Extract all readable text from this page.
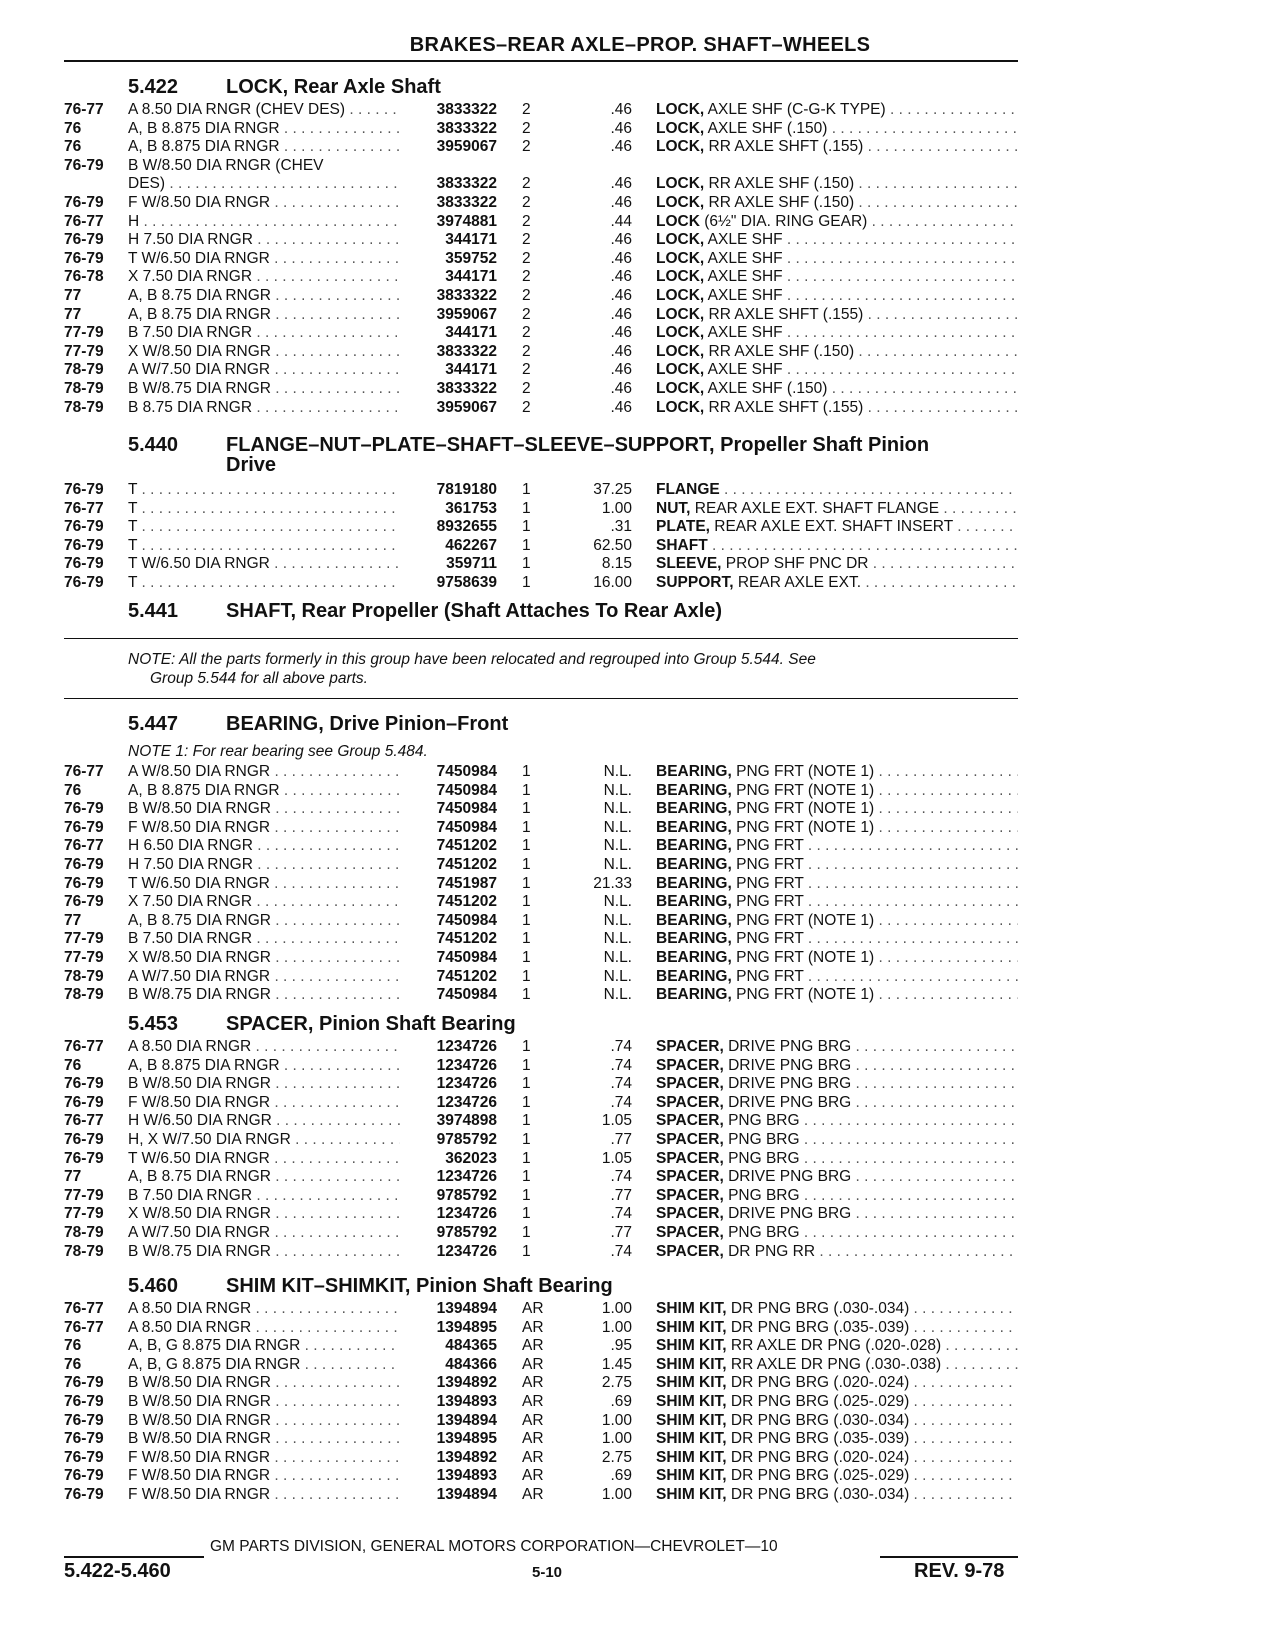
BRAKES–REAR AXLE–PROP. SHAFT–WHEELS
5.422 LOCK, Rear Axle Shaft
76-77 A 8.50 DIA RNGR (CHEV DES) . . .	3833322 2	.46 LOCK, AXLE SHF (C-G-K TYPE) . . .
76	A, B 8.875 DIA RNGR . . .	3833322 2	.46 LOCK, AXLE SHF (.150) . . .
76	A, B 8.875 DIA RNGR . . .	3959067 2	.46 LOCK, RR AXLE SHFT (.155) . . .
76-79 B W/8.50 DIA RNGR (CHEV
DES) . . .	3833322 2	.46 LOCK, RR AXLE SHF (.150) . . .
76-79 F W/8.50 DIA RNGR . . .	3833322 2	.46 LOCK, RR AXLE SHF (.150) . . .
76-77 H . . .	3974881 2	.44 LOCK (6½" DIA. RING GEAR) . . .
76-79 H 7.50 DIA RNGR . . .	344171 2	.46 LOCK, AXLE SHF . . .
76-79 T W/6.50 DIA RNGR . . .	359752 2	.46 LOCK, AXLE SHF . . .
76-78 X 7.50 DIA RNGR . . .	344171 2	.46 LOCK, AXLE SHF . . .
77	A, B 8.75 DIA RNGR . . .	3833322 2	.46 LOCK, AXLE SHF . . .
77	A, B 8.75 DIA RNGR . . .	3959067 2	.46 LOCK, RR AXLE SHFT (.155) . . .
77-79 B 7.50 DIA RNGR . . .	344171 2	.46 LOCK, AXLE SHF . . .
77-79 X W/8.50 DIA RNGR . . .	3833322 2	.46 LOCK, RR AXLE SHF (.150) . . .
78-79 A W/7.50 DIA RNGR . . .	344171 2	.46 LOCK, AXLE SHF . . .
78-79 B W/8.75 DIA RNGR . . .	3833322 2	.46 LOCK, AXLE SHF (.150) . . .
78-79 B 8.75 DIA RNGR . . .	3959067 2	.46 LOCK, RR AXLE SHFT (.155) . . .
5.440 FLANGE–NUT–PLATE–SHAFT–SLEEVE–SUPPORT, Propeller Shaft Pinion
Drive
76-79 T . . .	7819180 1	37.25 FLANGE . . .
76-77 T . . .	361753 1	1.00 NUT, REAR AXLE EXT. SHAFT FLANGE . . .
76-79 T . . .	8932655 1	.31 PLATE, REAR AXLE EXT. SHAFT INSERT . . .
76-79 T . . .	462267 1	62.50 SHAFT . . .
76-79 T W/6.50 DIA RNGR . . .	359711 1	8.15 SLEEVE, PROP SHF PNC DR . . .
76-79 T . . .	9758639 1	16.00 SUPPORT, REAR AXLE EXT. . . .
5.441 SHAFT, Rear Propeller (Shaft Attaches To Rear Axle)
NOTE: All the parts formerly in this group have been relocated and regrouped into Group 5.544. See
Group 5.544 for all above parts.
5.447 BEARING, Drive Pinion–Front
NOTE 1: For rear bearing see Group 5.484.
76-77 A W/8.50 DIA RNGR . . .	7450984 1	N.L. BEARING, PNG FRT (NOTE 1) . . .
76	A, B 8.875 DIA RNGR . . .	7450984 1	N.L. BEARING, PNG FRT (NOTE 1) . . .
76-79 B W/8.50 DIA RNGR . . .	7450984 1	N.L. BEARING, PNG FRT (NOTE 1) . . .
76-79 F W/8.50 DIA RNGR . . .	7450984 1	N.L. BEARING, PNG FRT (NOTE 1) . . .
76-77 H 6.50 DIA RNGR . . .	7451202 1	N.L. BEARING, PNG FRT . . .
76-79 H 7.50 DIA RNGR . . .	7451202 1	N.L. BEARING, PNG FRT . . .
76-79 T W/6.50 DIA RNGR . . .	7451987 1	21.33 BEARING, PNG FRT . . .
76-79 X 7.50 DIA RNGR . . .	7451202 1	N.L. BEARING, PNG FRT . . .
77	A, B 8.75 DIA RNGR . . .	7450984 1	N.L. BEARING, PNG FRT (NOTE 1) . . .
77-79 B 7.50 DIA RNGR . . .	7451202 1	N.L. BEARING, PNG FRT . . .
77-79 X W/8.50 DIA RNGR . . .	7450984 1	N.L. BEARING, PNG FRT (NOTE 1) . . .
78-79 A W/7.50 DIA RNGR . . .	7451202 1	N.L. BEARING, PNG FRT . . .
78-79 B W/8.75 DIA RNGR . . .	7450984 1	N.L. BEARING, PNG FRT (NOTE 1) . . .
5.453 SPACER, Pinion Shaft Bearing
76-77 A 8.50 DIA RNGR . . .	1234726 1	.74 SPACER, DRIVE PNG BRG . . .
76	A, B 8.875 DIA RNGR . . .	1234726 1	.74 SPACER, DRIVE PNG BRG . . .
76-79 B W/8.50 DIA RNGR . . .	1234726 1	.74 SPACER, DRIVE PNG BRG . . .
76-79 F W/8.50 DIA RNGR . . .	1234726 1	.74 SPACER, DRIVE PNG BRG . . .
76-77 H W/6.50 DIA RNGR . . .	3974898 1	1.05 SPACER, PNG BRG . . .
76-79 H, X W/7.50 DIA RNGR . . .	9785792 1	.77 SPACER, PNG BRG . . .
76-79 T W/6.50 DIA RNGR . . .	362023 1	1.05 SPACER, PNG BRG . . .
77	A, B 8.75 DIA RNGR . . .	1234726 1	.74 SPACER, DRIVE PNG BRG . . .
77-79 B 7.50 DIA RNGR . . .	9785792 1	.77 SPACER, PNG BRG . . .
77-79 X W/8.50 DIA RNGR . . .	1234726 1	.74 SPACER, DRIVE PNG BRG . . .
78-79 A W/7.50 DIA RNGR . . .	9785792 1	.77 SPACER, PNG BRG . . .
78-79 B W/8.75 DIA RNGR . . .	1234726 1	.74 SPACER, DR PNG RR . . .
5.460 SHIM KIT–SHIMKIT, Pinion Shaft Bearing
76-77 A 8.50 DIA RNGR . . .	1394894 AR	1.00 SHIM KIT, DR PNG BRG (.030-.034) . . .
76-77 A 8.50 DIA RNGR . . .	1394895 AR	1.00 SHIM KIT, DR PNG BRG (.035-.039) . . .
76	A, B, G 8.875 DIA RNGR . . .	484365 AR	.95 SHIM KIT, RR AXLE DR PNG (.020-.028) . . .
76	A, B, G 8.875 DIA RNGR . . .	484366 AR	1.45 SHIM KIT, RR AXLE DR PNG (.030-.038) . . .
76-79 B W/8.50 DIA RNGR . . .	1394892 AR	2.75 SHIM KIT, DR PNG BRG (.020-.024) . . .
76-79 B W/8.50 DIA RNGR . . .	1394893 AR	.69 SHIM KIT, DR PNG BRG (.025-.029) . . .
76-79 B W/8.50 DIA RNGR . . .	1394894 AR	1.00 SHIM KIT, DR PNG BRG (.030-.034) . . .
76-79 B W/8.50 DIA RNGR . . .	1394895 AR	1.00 SHIM KIT, DR PNG BRG (.035-.039) . . .
76-79 F W/8.50 DIA RNGR . . .	1394892 AR	2.75 SHIM KIT, DR PNG BRG (.020-.024) . . .
76-79 F W/8.50 DIA RNGR . . .	1394893 AR	.69 SHIM KIT, DR PNG BRG (.025-.029) . . .
76-79 F W/8.50 DIA RNGR . . .	1394894 AR	1.00 SHIM KIT, DR PNG BRG (.030-.034) . . .
GM PARTS DIVISION, GENERAL MOTORS CORPORATION—CHEVROLET—10
5.422-5.460	5-10	REV. 9-78
